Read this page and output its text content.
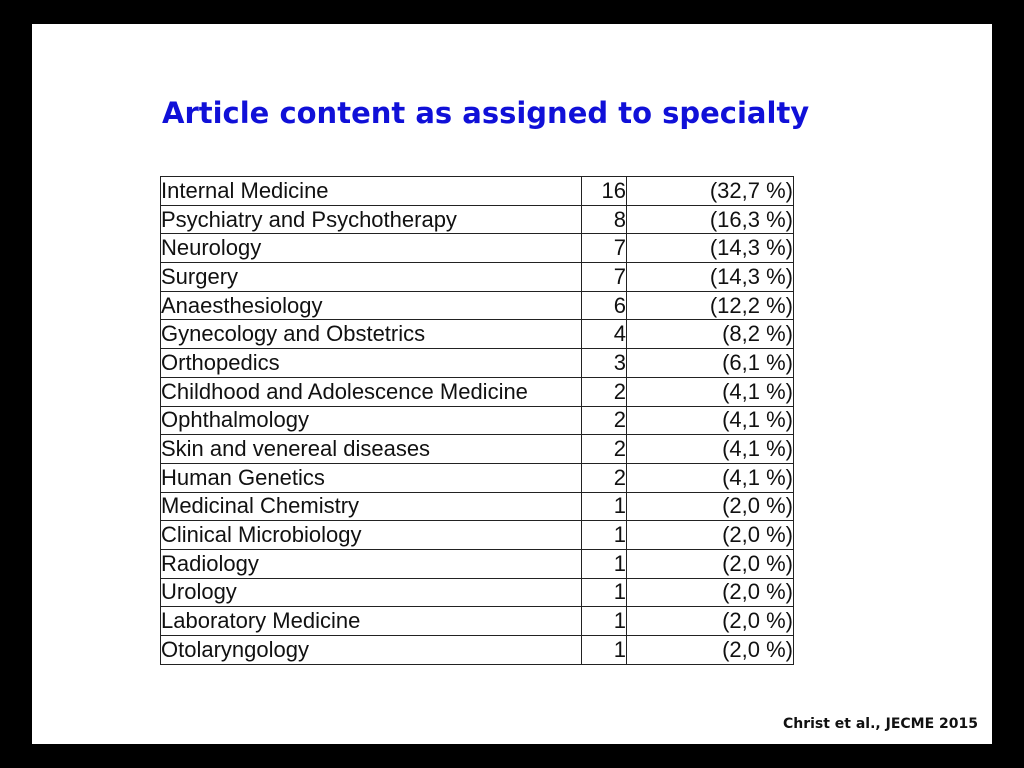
Article content as assigned to specialty
Internal Medicine	16	(32,7 %)
Psychiatry and Psychotherapy	8	(16,3 %)
Neurology	7	(14,3 %)
Surgery	7	(14,3 %)
Anaesthesiology	6	(12,2 %)
Gynecology and Obstetrics	4	(8,2 %)
Orthopedics	3	(6,1 %)
Childhood and Adolescence Medicine	2	(4,1 %)
Ophthalmology	2	(4,1 %)
Skin and venereal diseases	2	(4,1 %)
Human Genetics	2	(4,1 %)
Medicinal Chemistry	1	(2,0 %)
Clinical Microbiology	1	(2,0 %)
Radiology	1	(2,0 %)
Urology	1	(2,0 %)
Laboratory Medicine	1	(2,0 %)
Otolaryngology	1	(2,0 %)
Christ et al., JECME 2015
